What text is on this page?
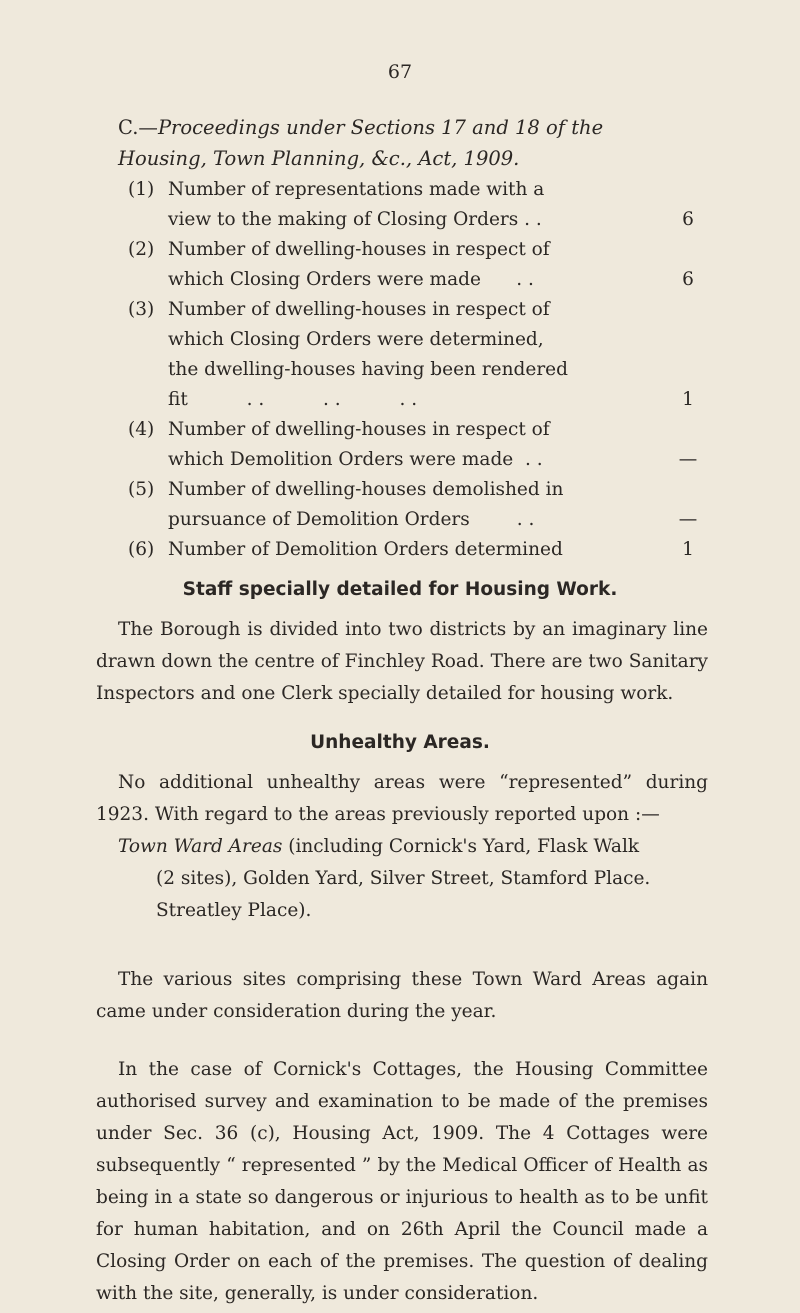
67
C.—Proceedings under Sections 17 and 18 of the
Housing, Town Planning, &c., Act, 1909.
(1) Number of representations made with a
view to the making of Closing Orders . .	6
(2) Number of dwelling-houses in respect of
which Closing Orders were made      . .	6
(3) Number of dwelling-houses in respect of
which Closing Orders were determined,
the dwelling-houses having been rendered
fit          . .          . .          . .	1
(4) Number of dwelling-houses in respect of
which Demolition Orders were made  . .	—
(5) Number of dwelling-houses demolished in
pursuance of Demolition Orders        . .	—
(6) Number of Demolition Orders determined	1
Staff specially detailed for Housing Work.
The Borough is divided into two districts by an imaginary line drawn down the centre of Finchley Road. There are two Sanitary Inspectors and one Clerk specially detailed for housing work.
Unhealthy Areas.
No additional unhealthy areas were “represented” during 1923. With regard to the areas previously reported upon :—
Town Ward Areas (including Cornick's Yard, Flask Walk
(2 sites), Golden Yard, Silver Street, Stamford Place. Streatley Place).
The various sites comprising these Town Ward Areas again came under consideration during the year.
In the case of Cornick's Cottages, the Housing Committee authorised survey and examination to be made of the premises under Sec. 36 (c), Housing Act, 1909. The 4 Cottages were subsequently “ represented ” by the Medical Officer of Health as being in a state so dangerous or injurious to health as to be unfit for human habitation, and on 26th April the Council made a Closing Order on each of the premises. The question of dealing with the site, generally, is under consideration.
